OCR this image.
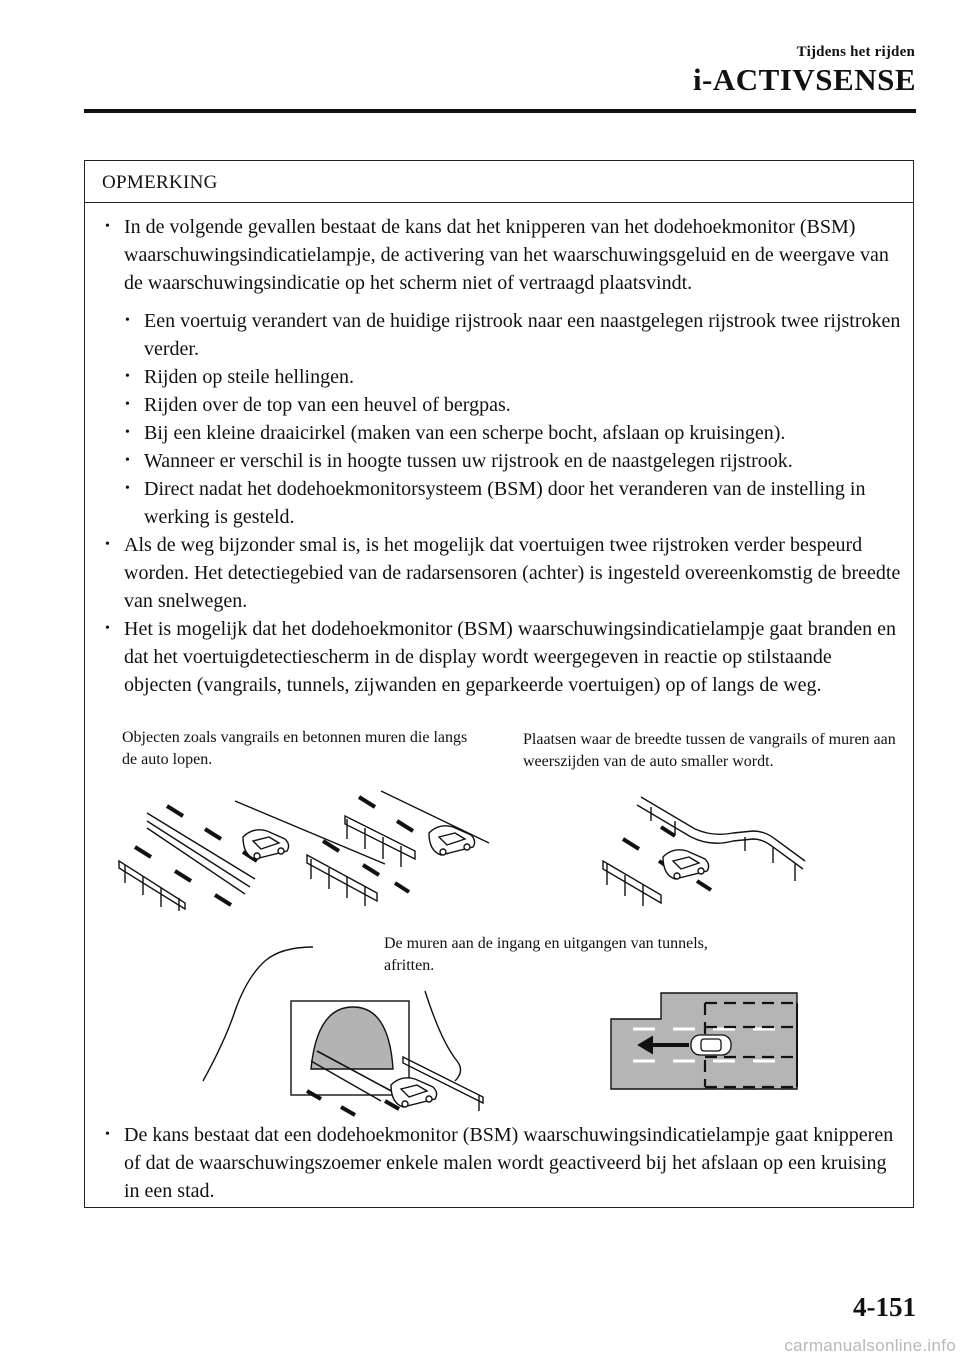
Tijdens het rijden
i-ACTIVSENSE
OPMERKING
• In de volgende gevallen bestaat de kans dat het knipperen van het dodehoekmonitor (BSM) waarschuwingsindicatielampje, de activering van het waarschuwingsgeluid en de weergave van de waarschuwingsindicatie op het scherm niet of vertraagd plaatsvindt.
• Een voertuig verandert van de huidige rijstrook naar een naastgelegen rijstrook twee rijstroken verder.
• Rijden op steile hellingen.
• Rijden over de top van een heuvel of bergpas.
• Bij een kleine draaicirkel (maken van een scherpe bocht, afslaan op kruisingen).
• Wanneer er verschil is in hoogte tussen uw rijstrook en de naastgelegen rijstrook.
• Direct nadat het dodehoekmonitorsysteem (BSM) door het veranderen van de instelling in werking is gesteld.
• Als de weg bijzonder smal is, is het mogelijk dat voertuigen twee rijstroken verder bespeurd worden. Het detectiegebied van de radarsensoren (achter) is ingesteld overeenkomstig de breedte van snelwegen.
• Het is mogelijk dat het dodehoekmonitor (BSM) waarschuwingsindicatielampje gaat branden en dat het voertuigdetectiescherm in de display wordt weergegeven in reactie op stilstaande objecten (vangrails, tunnels, zijwanden en geparkeerde voertuigen) op of langs de weg.
Objecten zoals vangrails en betonnen muren die langs de auto lopen.
Plaatsen waar de breedte tussen de vangrails of muren aan weerszijden van de auto smaller wordt.
De muren aan de ingang en uitgangen van tunnels, afritten.
• De kans bestaat dat een dodehoekmonitor (BSM) waarschuwingsindicatielampje gaat knipperen of dat de waarschuwingszoemer enkele malen wordt geactiveerd bij het afslaan op een kruising in een stad.
4-151
carmanualsonline.info
